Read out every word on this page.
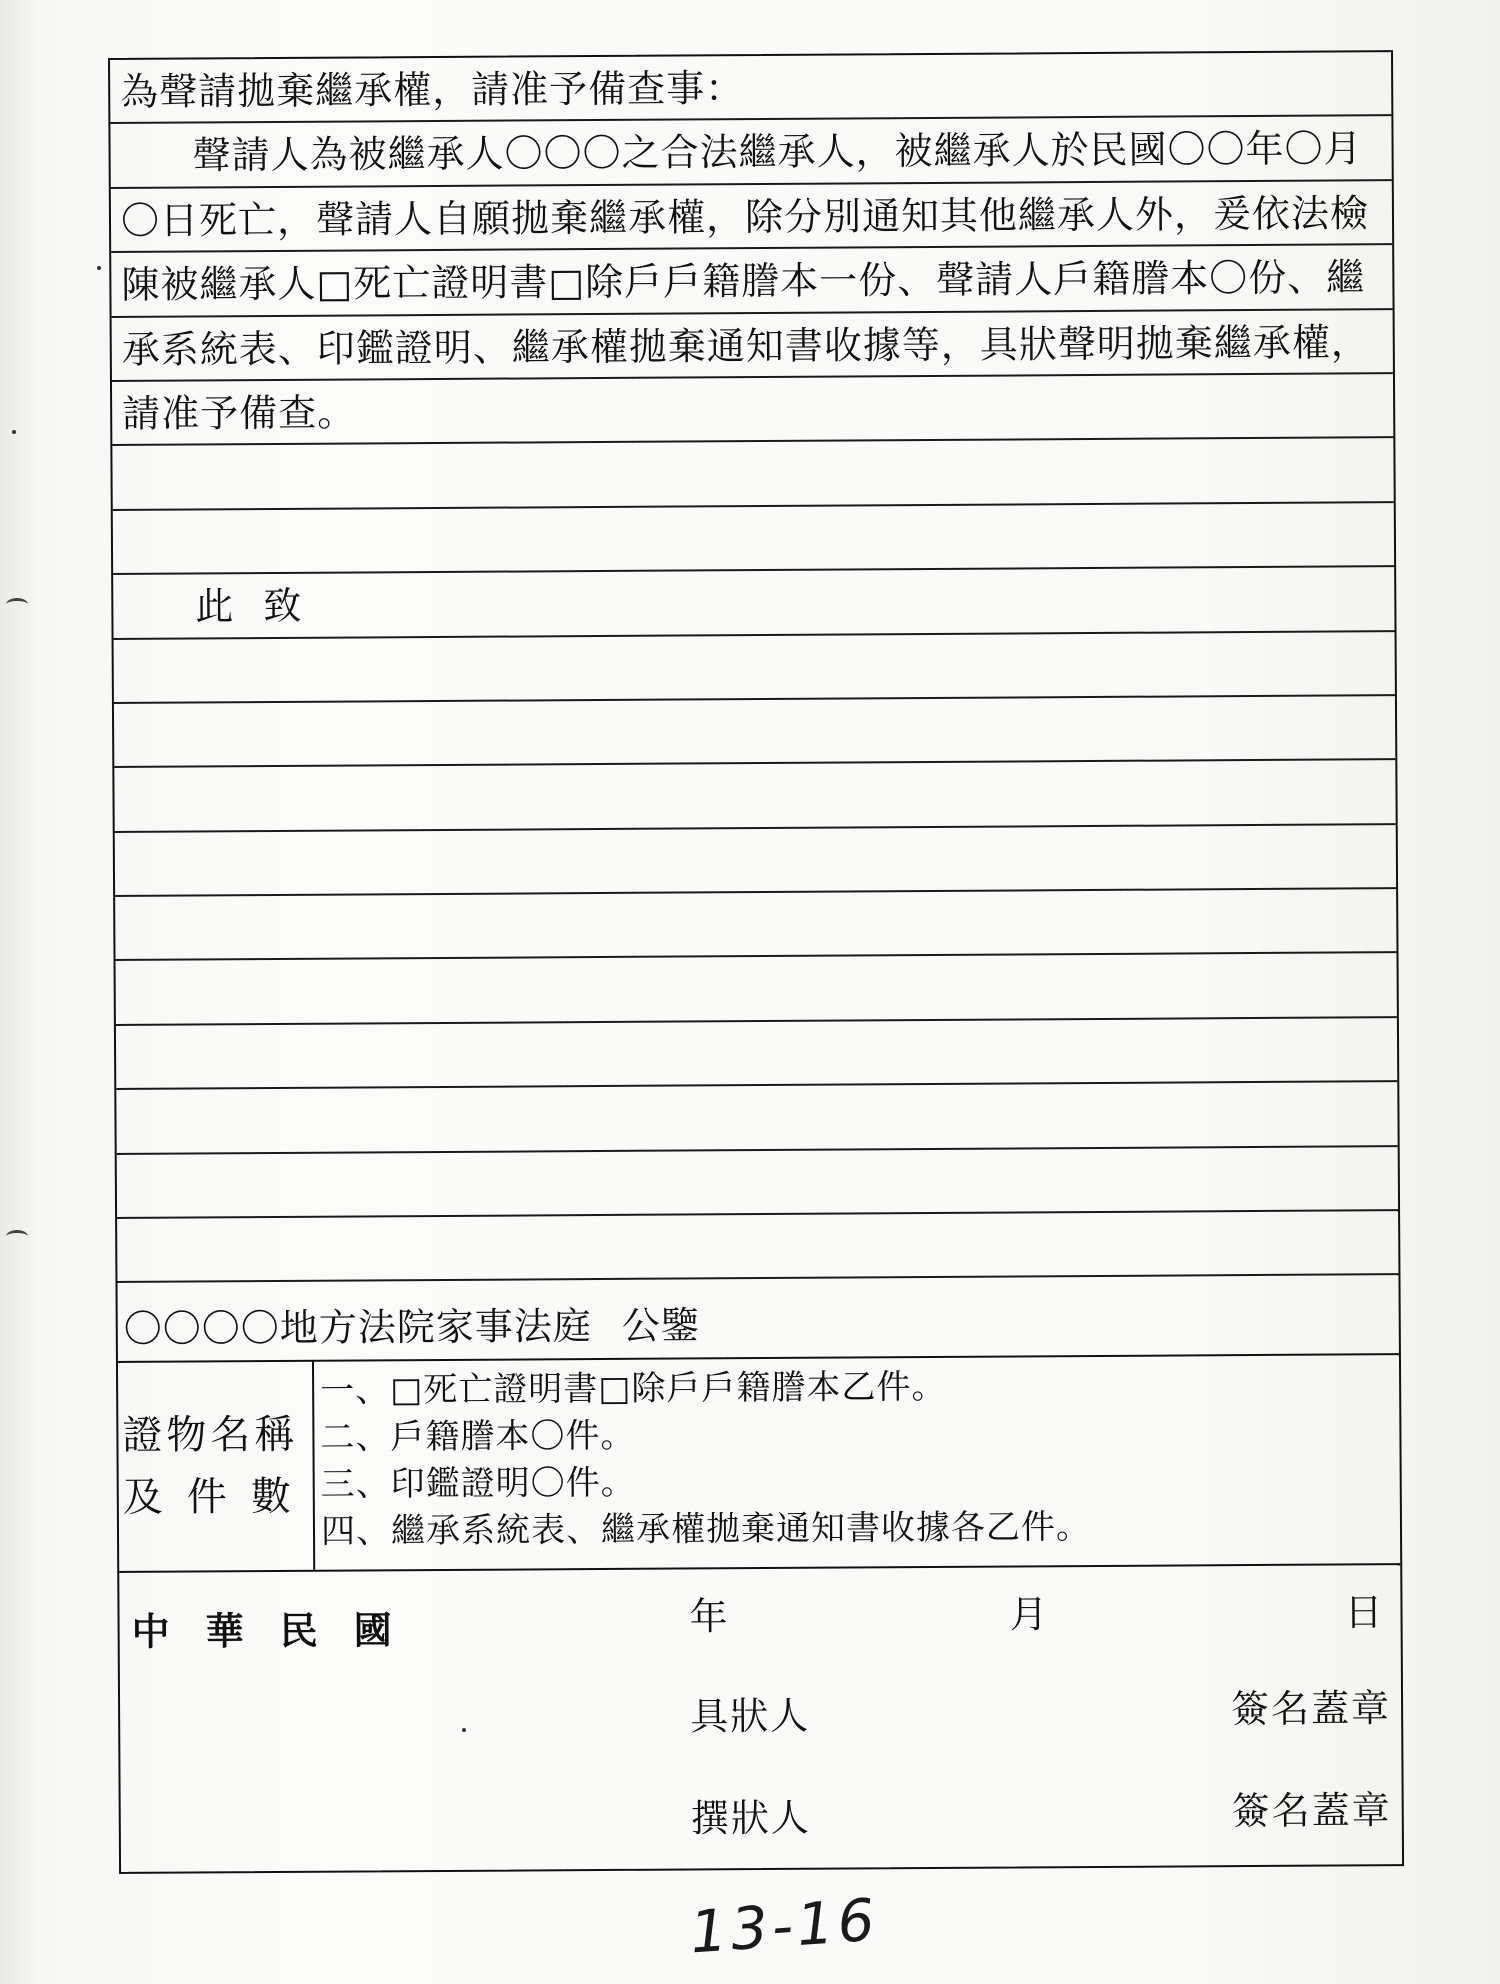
為聲請拋棄繼承權，請准予備查事：
聲請人為被繼承人〇〇〇之合法繼承人，被繼承人於民國〇〇年〇月
〇日死亡，聲請人自願拋棄繼承權，除分別通知其他繼承人外，爰依法檢
陳被繼承人□死亡證明書□除戶戶籍謄本一份、聲請人戶籍謄本〇份、繼
承系統表、印鑑證明、繼承權拋棄通知書收據等，具狀聲明拋棄繼承權，
請准予備查。
此致
〇〇〇〇地方法院家事法庭 公鑒
證物名稱
及件數
一、□死亡證明書□除戶戶籍謄本乙件。
二、戶籍謄本〇件。
三、印鑑證明〇件。
四、繼承系統表、繼承權拋棄通知書收據各乙件。
中華民國	年	月	日
具狀人	簽名蓋章
撰狀人	簽名蓋章
13-16
